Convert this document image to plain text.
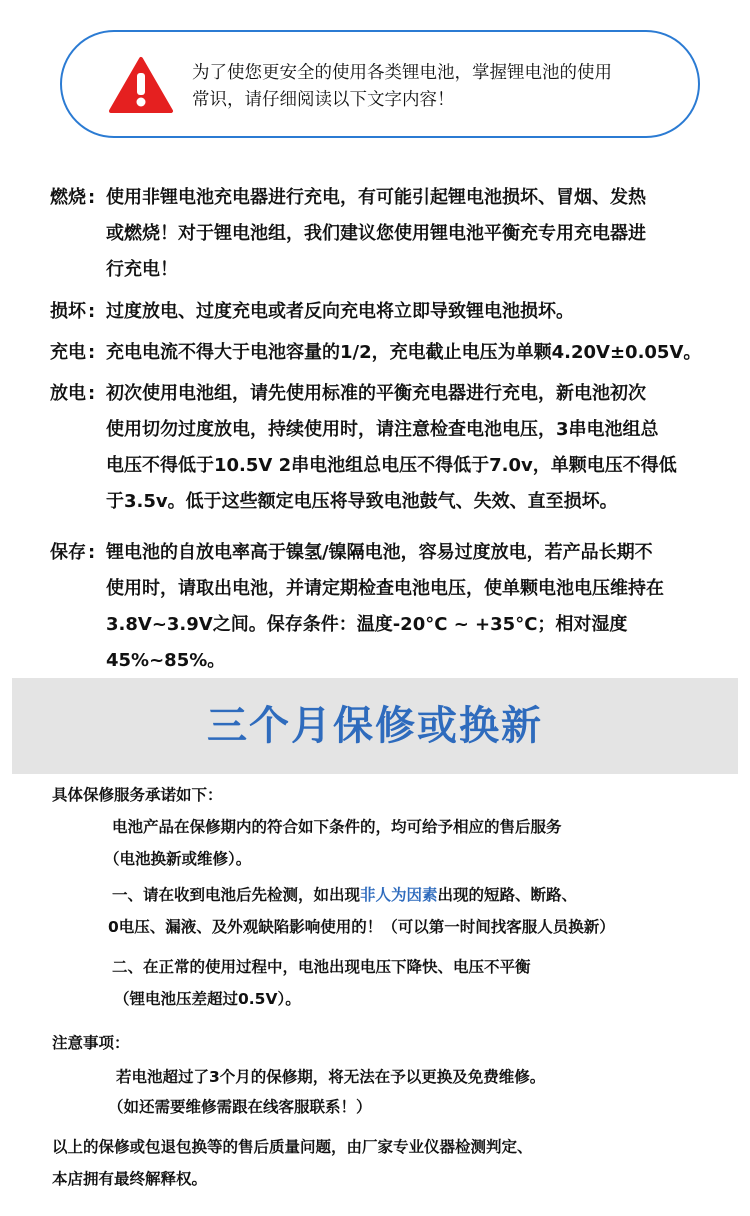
为了使您更安全的使用各类锂电池，掌握锂电池的使用
常识，请仔细阅读以下文字内容！
燃烧 : 使用非锂电池充电器进行充电，有可能引起锂电池损坏、冒烟、发热
或燃烧！对于锂电池组，我们建议您使用锂电池平衡充专用充电器进
行充电！
损坏 : 过度放电、过度充电或者反向充电将立即导致锂电池损坏。
充电 : 充电电流不得大于电池容量的1/2，充电截止电压为单颗4.20V±0.05V。
放电 : 初次使用电池组，请先使用标准的平衡充电器进行充电，新电池初次
使用切勿过度放电，持续使用时，请注意检查电池电压，3串电池组总
电压不得低于10.5V 2串电池组总电压不得低于7.0v，单颗电压不得低
于3.5v。低于这些额定电压将导致电池鼓气、失效、直至损坏。
保存 : 锂电池的自放电率高于镍氢/镍隔电池，容易过度放电，若产品长期不
使用时，请取出电池，并请定期检查电池电压，使单颗电池电压维持在
3.8V~3.9V之间。保存条件：温度-20°C ~ +35°C；相对湿度45%~85%。
三个月保修或换新
具体保修服务承诺如下：
电池产品在保修期内的符合如下条件的，均可给予相应的售后服务
（电池换新或维修）。
一、请在收到电池后先检测，如出现非人为因素出现的短路、断路、
0电压、漏液、及外观缺陷影响使用的！（可以第一时间找客服人员换新）
二、在正常的使用过程中，电池出现电压下降快、电压不平衡
（锂电池压差超过0.5V）。
注意事项：
若电池超过了3个月的保修期，将无法在予以更换及免费维修。
（如还需要维修需跟在线客服联系！）
以上的保修或包退包换等的售后质量问题，由厂家专业仪器检测判定、
本店拥有最终解释权。
